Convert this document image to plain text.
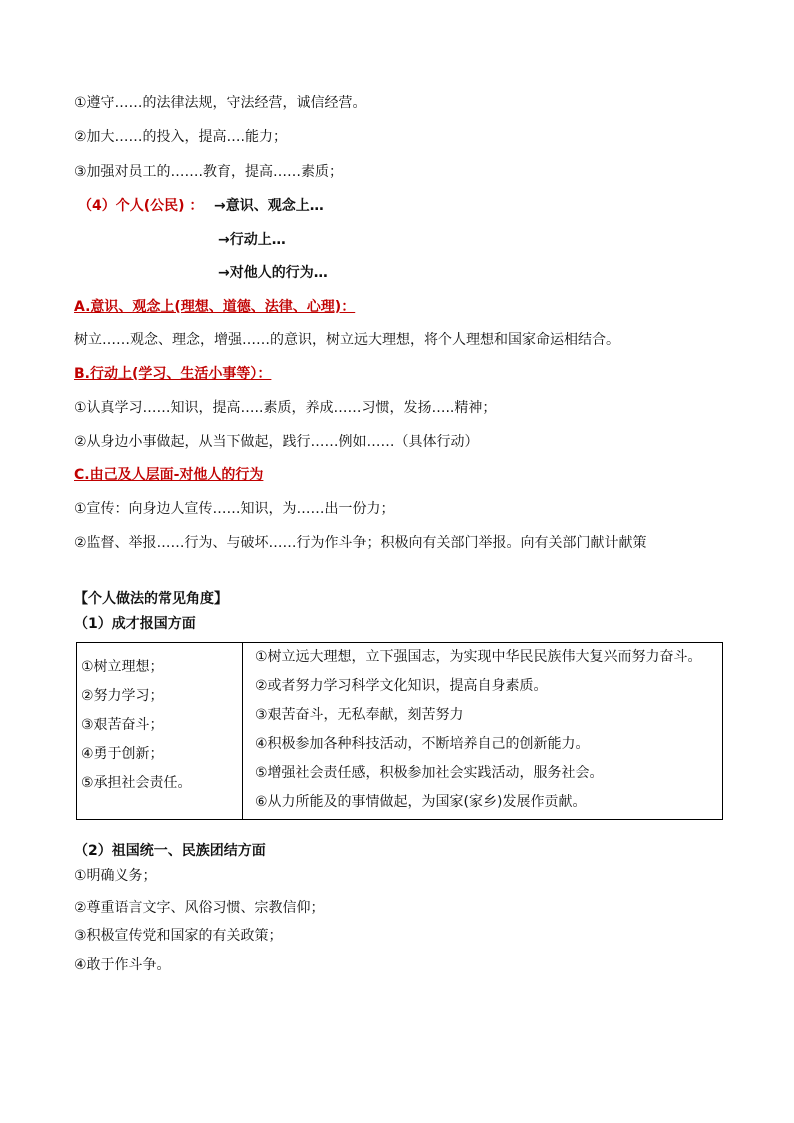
①遵守……的法律法规，守法经营，诚信经营。
②加大……的投入，提高….能力；
③加强对员工的…….教育，提高……素质；
（4）个人(公民) ： →意识、观念上…
→行动上…
→对他人的行为…
A.意识、观念上(理想、道德、法律、心理)：
树立……观念、理念，增强……的意识，树立远大理想，将个人理想和国家命运相结合。
B.行动上(学习、生活小事等）：
①认真学习……知识，提高…..素质，养成……习惯，发扬…..精神；
②从身边小事做起，从当下做起，践行……例如……（具体行动）
C.由己及人层面-对他人的行为
①宣传：向身边人宣传……知识，为……出一份力；
②监督、举报……行为、与破坏……行为作斗争；积极向有关部门举报。向有关部门献计献策
【个人做法的常见角度】
（1）成才报国方面
①树立理想；
②努力学习；
③艰苦奋斗；
④勇于创新；
⑤承担社会责任。

①树立远大理想，立下强国志，为实现中华民民族伟大复兴而努力奋斗。
②或者努力学习科学文化知识，提高自身素质。
③艰苦奋斗，无私奉献，刻苦努力
④积极参加各种科技活动，不断培养自己的创新能力。
⑤增强社会责任感，积极参加社会实践活动，服务社会。
⑥从力所能及的事情做起，为国家(家乡)发展作贡献。
（2）祖国统一、民族团结方面
①明确义务；
②尊重语言文字、风俗习惯、宗教信仰；
③积极宣传党和国家的有关政策；
④敢于作斗争。
